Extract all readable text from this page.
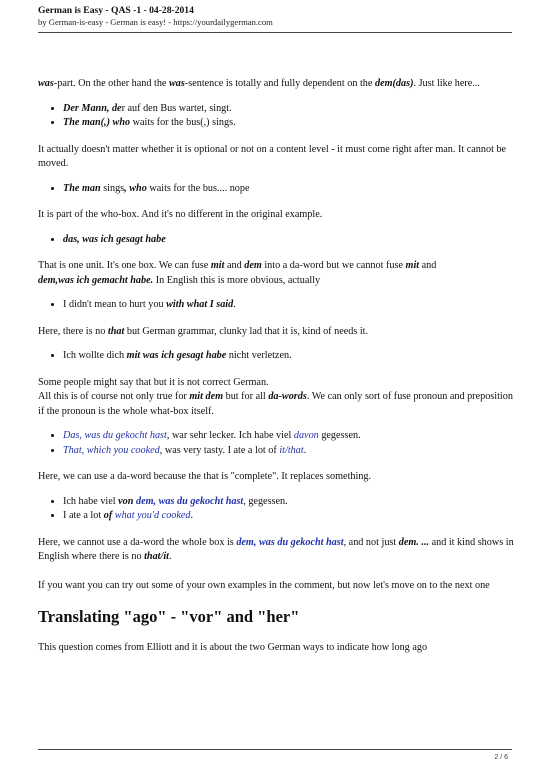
German is Easy - QAS -1 - 04-28-2014
by German-is-easy - German is easy! - https://yourdailygerman.com

was-part. On the other hand the was-sentence is totally and fully dependent on the dem(das). Just like here...

• Der Mann, der auf den Bus wartet, singt.
• The man(,) who waits for the bus(,) sings.

It actually doesn't matter whether it is optional or not on a content level - it must come right after man. It cannot be moved.

• The man sings, who waits for the bus.... nope

It is part of the who-box. And it's no different in the original example.

• das, was ich gesagt habe

That is one unit. It's one box. We can fuse mit and dem into a da-word but we cannot fuse mit and
dem,was ich gemacht habe. In English this is more obvious, actually

• I didn't mean to hurt you with what I said.

Here, there is no that but German grammar, clunky lad that it is, kind of needs it.

• Ich wollte dich mit was ich gesagt habe nicht verletzen.

Some people might say that but it is not correct German.
All this is of course not only true for mit dem but for all da-words. We can only sort of fuse pronoun and preposition if the pronoun is the whole what-box itself.

• Das, was du gekocht hast, war sehr lecker. Ich habe viel davon gegessen.
• That, which you cooked, was very tasty. I ate a lot of it/that.

Here, we can use a da-word because the that is "complete". It replaces something.

• Ich habe viel von dem, was du gekocht hast, gegessen.
• I ate a lot of what you'd cooked.

Here, we cannot use a da-word the whole box is dem, was du gekocht hast, and not just dem. ... and it kind shows in English where there is no that/it.

If you want you can try out some of your own examples in the comment, but now let's move on to the next one

Translating "ago" - "vor" and "her"

This question comes from Elliott and it is about the two German ways to indicate how long ago

2 / 6
